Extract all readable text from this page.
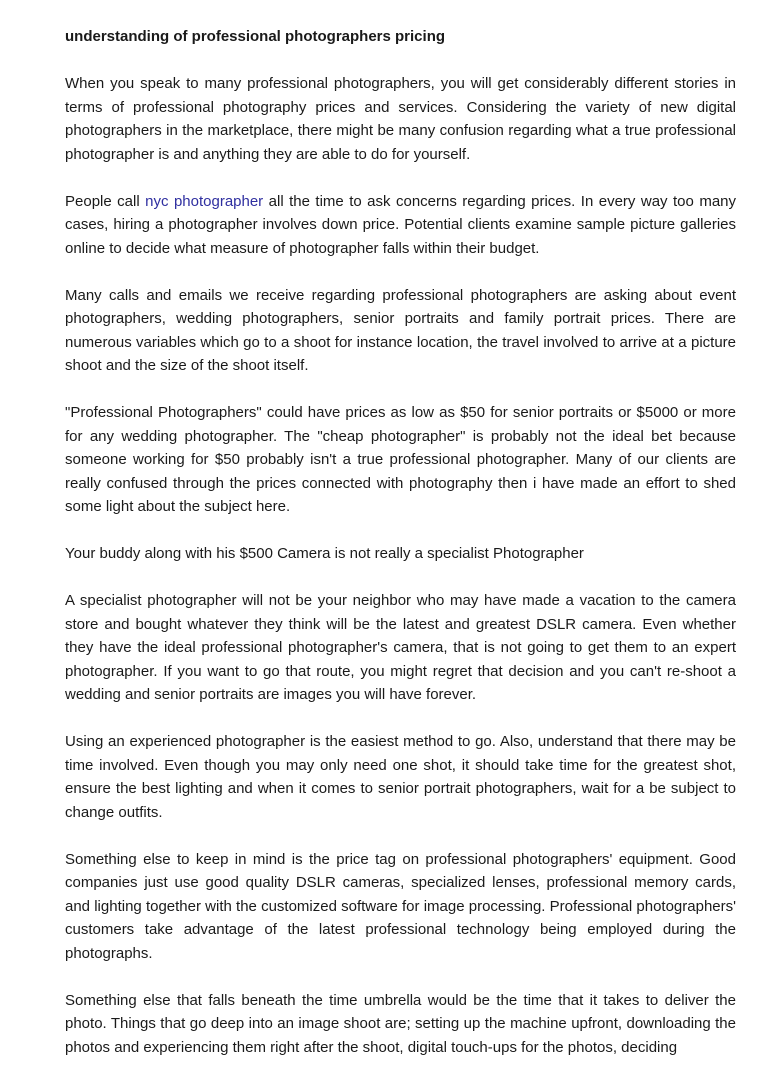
understanding of professional photographers pricing

When you speak to many professional photographers, you will get considerably different stories in terms of professional photography prices and services. Considering the variety of new digital photographers in the marketplace, there might be many confusion regarding what a true professional photographer is and anything they are able to do for yourself.

People call nyc photographer all the time to ask concerns regarding prices. In every way too many cases, hiring a photographer involves down price. Potential clients examine sample picture galleries online to decide what measure of photographer falls within their budget.

Many calls and emails we receive regarding professional photographers are asking about event photographers, wedding photographers, senior portraits and family portrait prices. There are numerous variables which go to a shoot for instance location, the travel involved to arrive at a picture shoot and the size of the shoot itself.

"Professional Photographers" could have prices as low as $50 for senior portraits or $5000 or more for any wedding photographer. The "cheap photographer" is probably not the ideal bet because someone working for $50 probably isn't a true professional photographer. Many of our clients are really confused through the prices connected with photography then i have made an effort to shed some light about the subject here.

Your buddy along with his $500 Camera is not really a specialist Photographer

A specialist photographer will not be your neighbor who may have made a vacation to the camera store and bought whatever they think will be the latest and greatest DSLR camera. Even whether they have the ideal professional photographer's camera, that is not going to get them to an expert photographer. If you want to go that route, you might regret that decision and you can't re-shoot a wedding and senior portraits are images you will have forever.

Using an experienced photographer is the easiest method to go. Also, understand that there may be time involved. Even though you may only need one shot, it should take time for the greatest shot, ensure the best lighting and when it comes to senior portrait photographers, wait for a be subject to change outfits.

Something else to keep in mind is the price tag on professional photographers' equipment. Good companies just use good quality DSLR cameras, specialized lenses, professional memory cards, and lighting together with the customized software for image processing. Professional photographers' customers take advantage of the latest professional technology being employed during the photographs.

Something else that falls beneath the time umbrella would be the time that it takes to deliver the photo. Things that go deep into an image shoot are; setting up the machine upfront, downloading the photos and experiencing them right after the shoot, digital touch-ups for the photos, deciding
